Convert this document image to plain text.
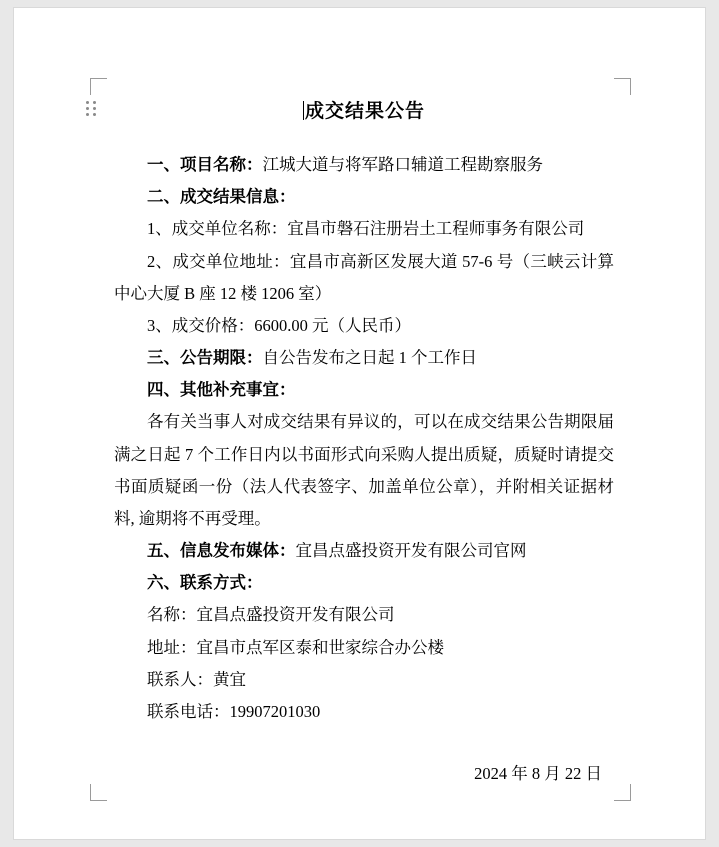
成交结果公告

一、项目名称：江城大道与将军路口辅道工程勘察服务

二、成交结果信息：

1、成交单位名称：宜昌市磐石注册岩土工程师事务有限公司

2、成交单位地址：宜昌市高新区发展大道 57-6 号（三峡云计算中心大厦 B 座 12 楼 1206 室）

3、成交价格：6600.00 元（人民币）

三、公告期限：自公告发布之日起 1 个工作日

四、其他补充事宜：

各有关当事人对成交结果有异议的，可以在成交结果公告期限届满之日起 7 个工作日内以书面形式向采购人提出质疑，质疑时请提交书面质疑函一份（法人代表签字、加盖单位公章），并附相关证据材料, 逾期将不再受理。

五、信息发布媒体：宜昌点盛投资开发有限公司官网

六、联系方式：

名称：宜昌点盛投资开发有限公司

地址：宜昌市点军区泰和世家综合办公楼

联系人：黄宜

联系电话：19907201030

2024 年 8 月 22 日
